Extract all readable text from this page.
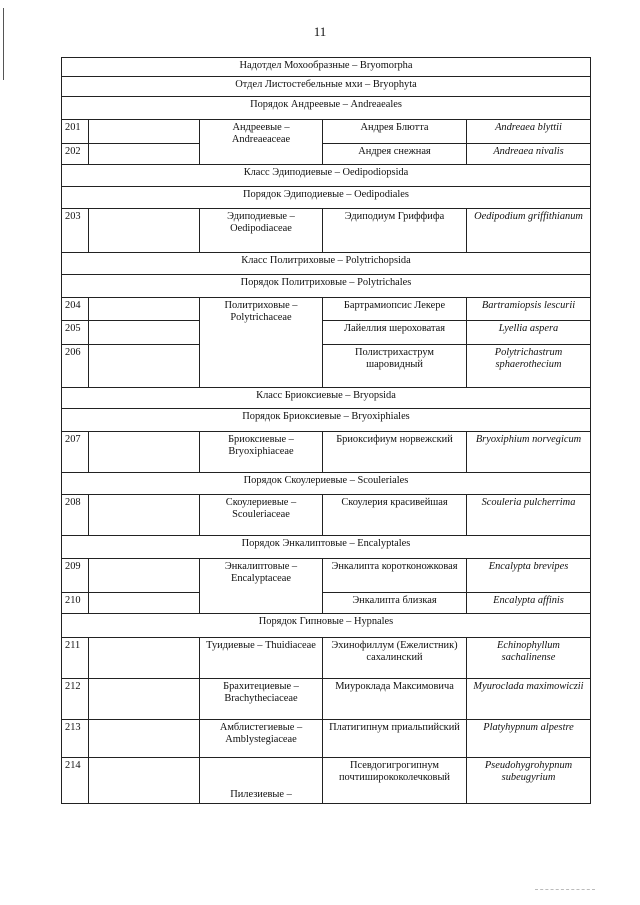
11
Надотдел Мохообразные – Bryomorpha				
Отдел Листостебельные мхи – Bryophyta				
Порядок Андреевые – Andreaeales				
201		Андреевые – Andreaeaceae	Андрея Блютта	Andreaea blyttii
202			Андрея снежная	Andreaea nivalis
Класс Эдиподиевые – Oedipodiopsida				
Порядок Эдиподиевые – Oedipodiales				
203		Эдиподиевые – Oedipodiaceae	Эдиподиум Гриффифа	Oedipodium griffithianum
Класс Политриховые – Polytrichopsida				
Порядок Политриховые – Polytrichales				
204		Политриховые – Polytrichaceae	Бартрамиопсис Лекере	Bartramiopsis lescurii
205			Лайеллия шероховатая	Lyellia aspera
206			Полистрихаструм шаровидный	Polytrichastrum sphaerothecium
Класс Бриоксиевые – Bryopsida				
Порядок Бриоксиевые – Bryoxiphiales				
207		Бриоксиевые – Bryoxiphiaceae	Бриоксифиум норвежский	Bryoxiphium norvegicum
Порядок Скоулериевые – Scouleriales				
208		Скоулериевые – Scouleriaceae	Скоулерия красивейшая	Scouleria pulcherrima
Порядок Энкалиптовые – Encalyptales				
209		Энкалиптовые – Encalyptaceae	Энкалипта коротконожковая	Encalypta brevipes
210			Энкалипта близкая	Encalypta affinis
Порядок Гипновые – Hypnales				
211		Туидиевые – Thuidiaceae	Эхинофиллум (Ежелистник) сахалинский	Echinophyllum sachalinense
212		Брахитециевые – Brachytheciaceae	Миуроклада Максимовича	Myuroclada maximowiczii
213		Амблистегиевые – Amblystegiaceae	Платигипнум приальпийский	Platyhypnum alpestre
214		Пилезиевые –	Псевдогигрогипнум почтиширококолечковый	Pseudohygrohypnum subeugyrium
